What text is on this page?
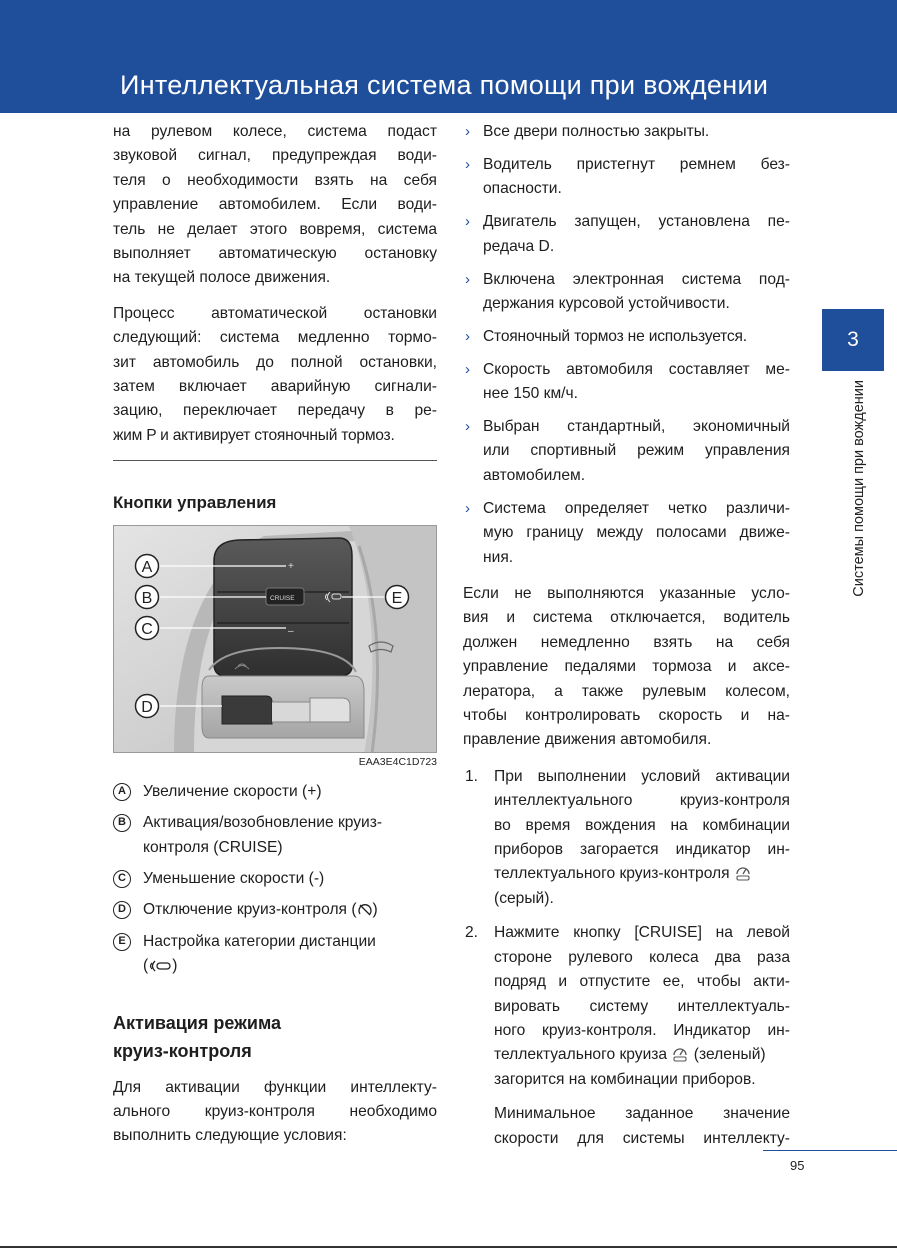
Интеллектуальная система помощи при вождении

на рулевом колесе, система подаст

звуковой сигнал, предупреждая води-

теля о необходимости взять на себя

управление автомобилем. Если води-

тель не делает этого вовремя, система

выполняет автоматическую остановку

на текущей полосе движения.

Процесс автоматической остановки

следующий: система медленно тормо-

зит автомобиль до полной остановки,

затем включает аварийную сигнали-

зацию, переключает передачу в ре-

жим P и активирует стояночный тормоз.

Кнопки управления
+
–
CRUISE
A
B
C
D
E
EAA3E4C1D723
A	Увеличение скорости (+)

B	Активация/возобновление круиз-

контроля (CRUISE)

C	Уменьшение скорости (-)

D	Отключение круиз-контроля ( )

E	Настройка категории дистанции

( )

Активация режима
круиз-контроля

Для активации функции интеллекту-

ального круиз-контроля необходимо

выполнить следующие условия:

› Все двери полностью закрыты.

› Водитель пристегнут ремнем без-

опасности.

› Двигатель запущен, установлена пе-

редача D.

› Включена электронная система под-

держания курсовой устойчивости.

› Стояночный тормоз не используется.

› Скорость автомобиля составляет ме-

нее 150 км/ч.

› Выбран стандартный, экономичный

или спортивный режим управления

автомобилем.

› Система определяет четко различи-

мую границу между полосами движе-

ния.

Если не выполняются указанные усло-

вия и система отключается, водитель

должен немедленно взять на себя

управление педалями тормоза и аксе-

лератора, а также рулевым колесом,

чтобы контролировать скорость и на-

правление движения автомобиля.

1. При выполнении условий активации

интеллектуального круиз-контроля

во время вождения на комбинации

приборов загорается индикатор ин-

теллектуального круиз-контроля

(серый).

2. Нажмите кнопку [CRUISE] на левой

стороне рулевого колеса два раза

подряд и отпустите ее, чтобы акти-

вировать систему интеллектуаль-

ного круиз-контроля. Индикатор ин-

теллектуального круиза (зеленый)

загорится на комбинации приборов.

Минимальное заданное значение

скорости для системы интеллекту-

3
Системы помощи при вождении
95
